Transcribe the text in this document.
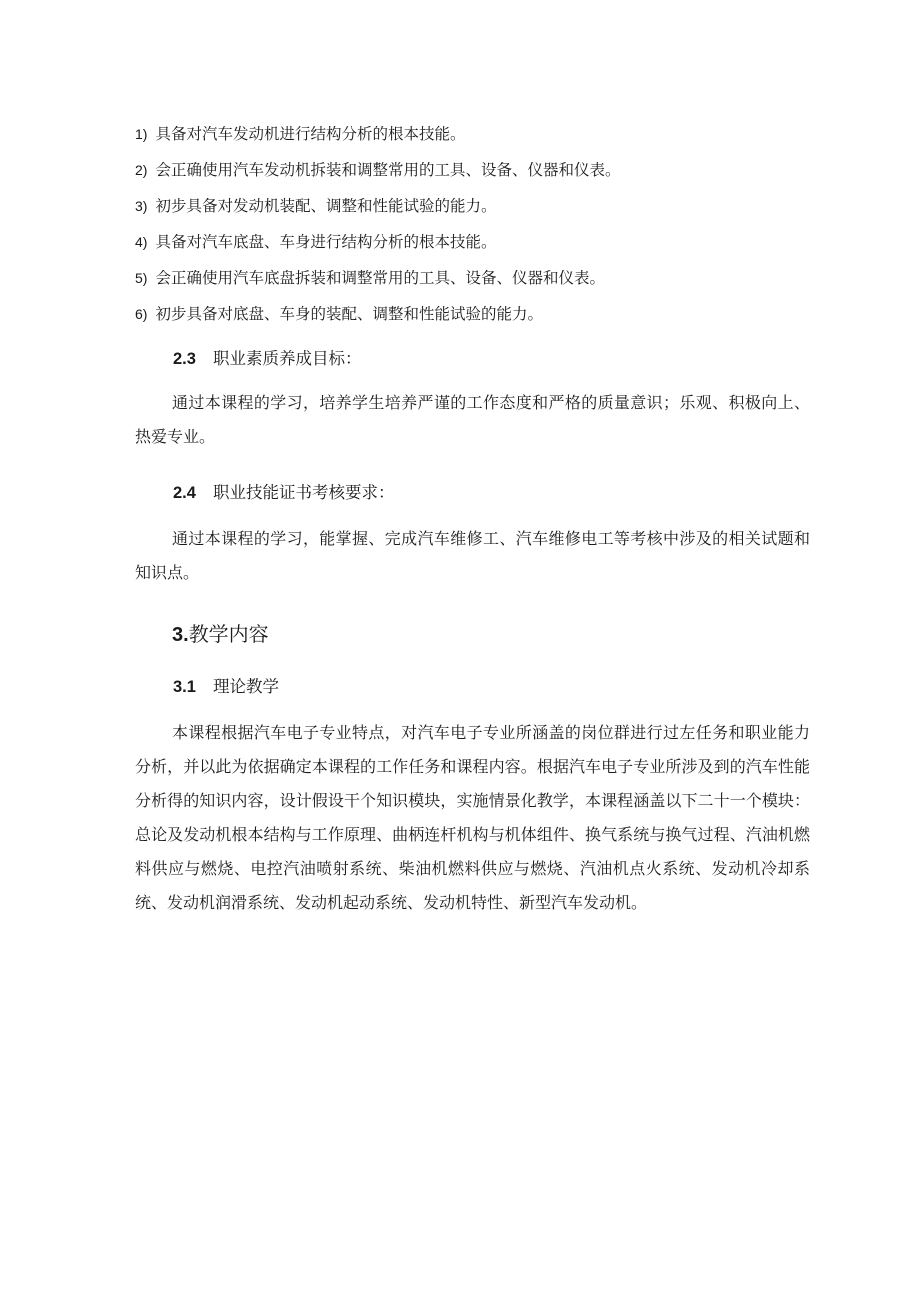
1) 具备对汽车发动机进行结构分析的根本技能。
2) 会正确使用汽车发动机拆装和调整常用的工具、设备、仪器和仪表。
3) 初步具备对发动机装配、调整和性能试验的能力。
4) 具备对汽车底盘、车身进行结构分析的根本技能。
5) 会正确使用汽车底盘拆装和调整常用的工具、设备、仪器和仪表。
6) 初步具备对底盘、车身的装配、调整和性能试验的能力。
2.3 职业素质养成目标：

通过本课程的学习，培养学生培养严谨的工作态度和严格的质量意识；乐观、积极向上、热爱专业。

2.4 职业技能证书考核要求：

通过本课程的学习，能掌握、完成汽车维修工、汽车维修电工等考核中涉及的相关试题和知识点。

3.教学内容
3.1 理论教学

本课程根据汽车电子专业特点，对汽车电子专业所涵盖的岗位群进行过左任务和职业能力分析，并以此为依据确定本课程的工作任务和课程内容。根据汽车电子专业所涉及到的汽车性能分析得的知识内容，设计假设干个知识模块，实施情景化教学，本课程涵盖以下二十一个模块：总论及发动机根本结构与工作原理、曲柄连杆机构与机体组件、换气系统与换气过程、汽油机燃料供应与燃烧、电控汽油喷射系统、柴油机燃料供应与燃烧、汽油机点火系统、发动机冷却系统、发动机润滑系统、发动机起动系统、发动机特性、新型汽车发动机。
